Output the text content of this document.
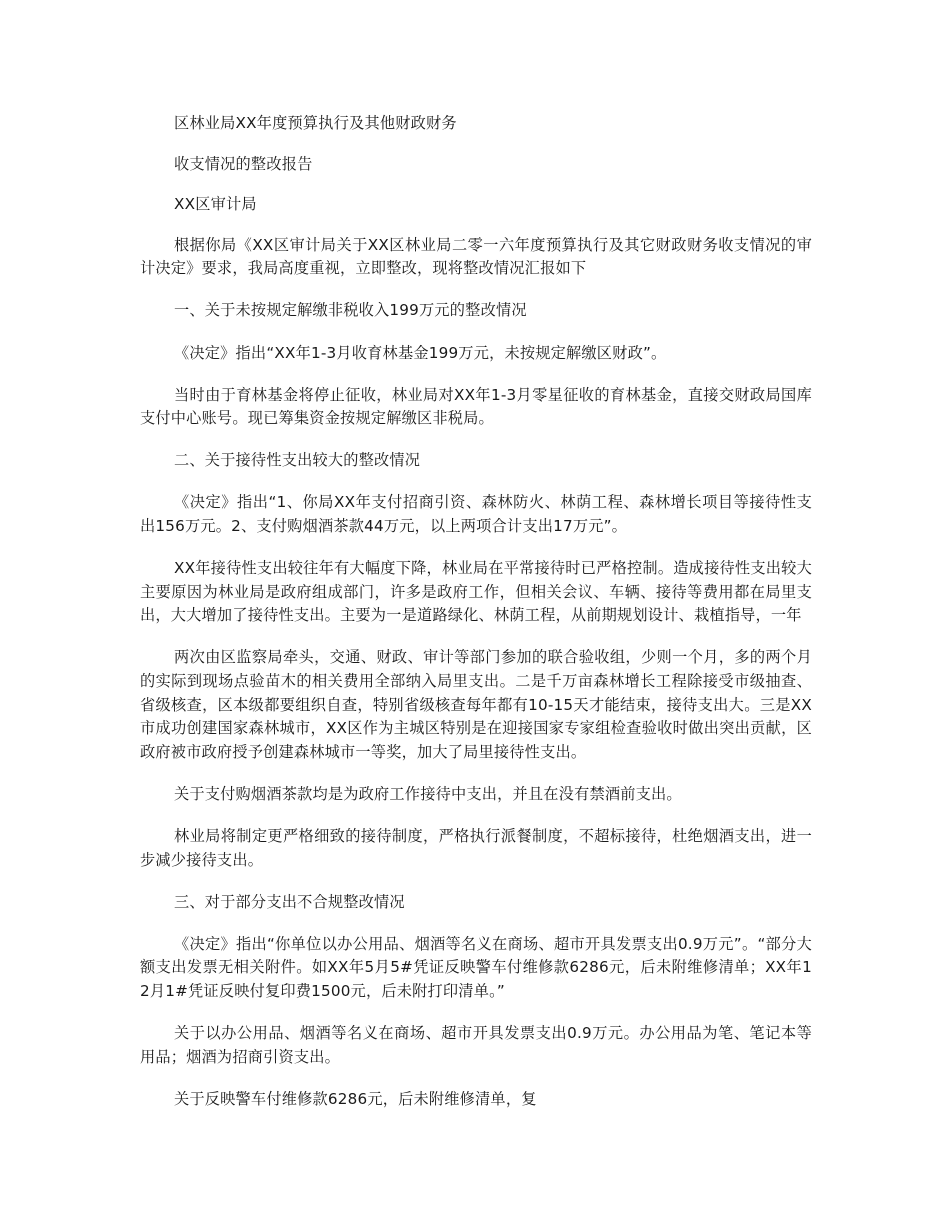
区林业局XX年度预算执行及其他财政财务

收支情况的整改报告

XX区审计局

根据你局《XX区审计局关于XX区林业局二零一六年度预算执行及其它财政财务收支情况的审计决定》要求，我局高度重视，立即整改，现将整改情况汇报如下

一、关于未按规定解缴非税收入199万元的整改情况

《决定》指出“XX年1-3月收育林基金199万元，未按规定解缴区财政”。

当时由于育林基金将停止征收，林业局对XX年1-3月零星征收的育林基金，直接交财政局国库支付中心账号。现已筹集资金按规定解缴区非税局。

二、关于接待性支出较大的整改情况

《决定》指出“1、你局XX年支付招商引资、森林防火、林荫工程、森林增长项目等接待性支出156万元。2、支付购烟酒茶款44万元，以上两项合计支出17万元”。

XX年接待性支出较往年有大幅度下降，林业局在平常接待时已严格控制。造成接待性支出较大主要原因为林业局是政府组成部门，许多是政府工作，但相关会议、车辆、接待等费用都在局里支出，大大增加了接待性支出。主要为一是道路绿化、林荫工程，从前期规划设计、栽植指导，一年

两次由区监察局牵头，交通、财政、审计等部门参加的联合验收组，少则一个月，多的两个月的实际到现场点验苗木的相关费用全部纳入局里支出。二是千万亩森林增长工程除接受市级抽查、省级核查，区本级都要组织自查，特别省级核查每年都有10-15天才能结束，接待支出大。三是XX市成功创建国家森林城市，XX区作为主城区特别是在迎接国家专家组检查验收时做出突出贡献，区政府被市政府授予创建森林城市一等奖，加大了局里接待性支出。

关于支付购烟酒茶款均是为政府工作接待中支出，并且在没有禁酒前支出。

林业局将制定更严格细致的接待制度，严格执行派餐制度，不超标接待，杜绝烟酒支出，进一步减少接待支出。

三、对于部分支出不合规整改情况

《决定》指出“你单位以办公用品、烟酒等名义在商场、超市开具发票支出0.9万元”。“部分大额支出发票无相关附件。如XX年5月5#凭证反映警车付维修款6286元，后未附维修清单；XX年12月1#凭证反映付复印费1500元，后未附打印清单。”

关于以办公用品、烟酒等名义在商场、超市开具发票支出0.9万元。办公用品为笔、笔记本等用品；烟酒为招商引资支出。

关于反映警车付维修款6286元，后未附维修清单，复
